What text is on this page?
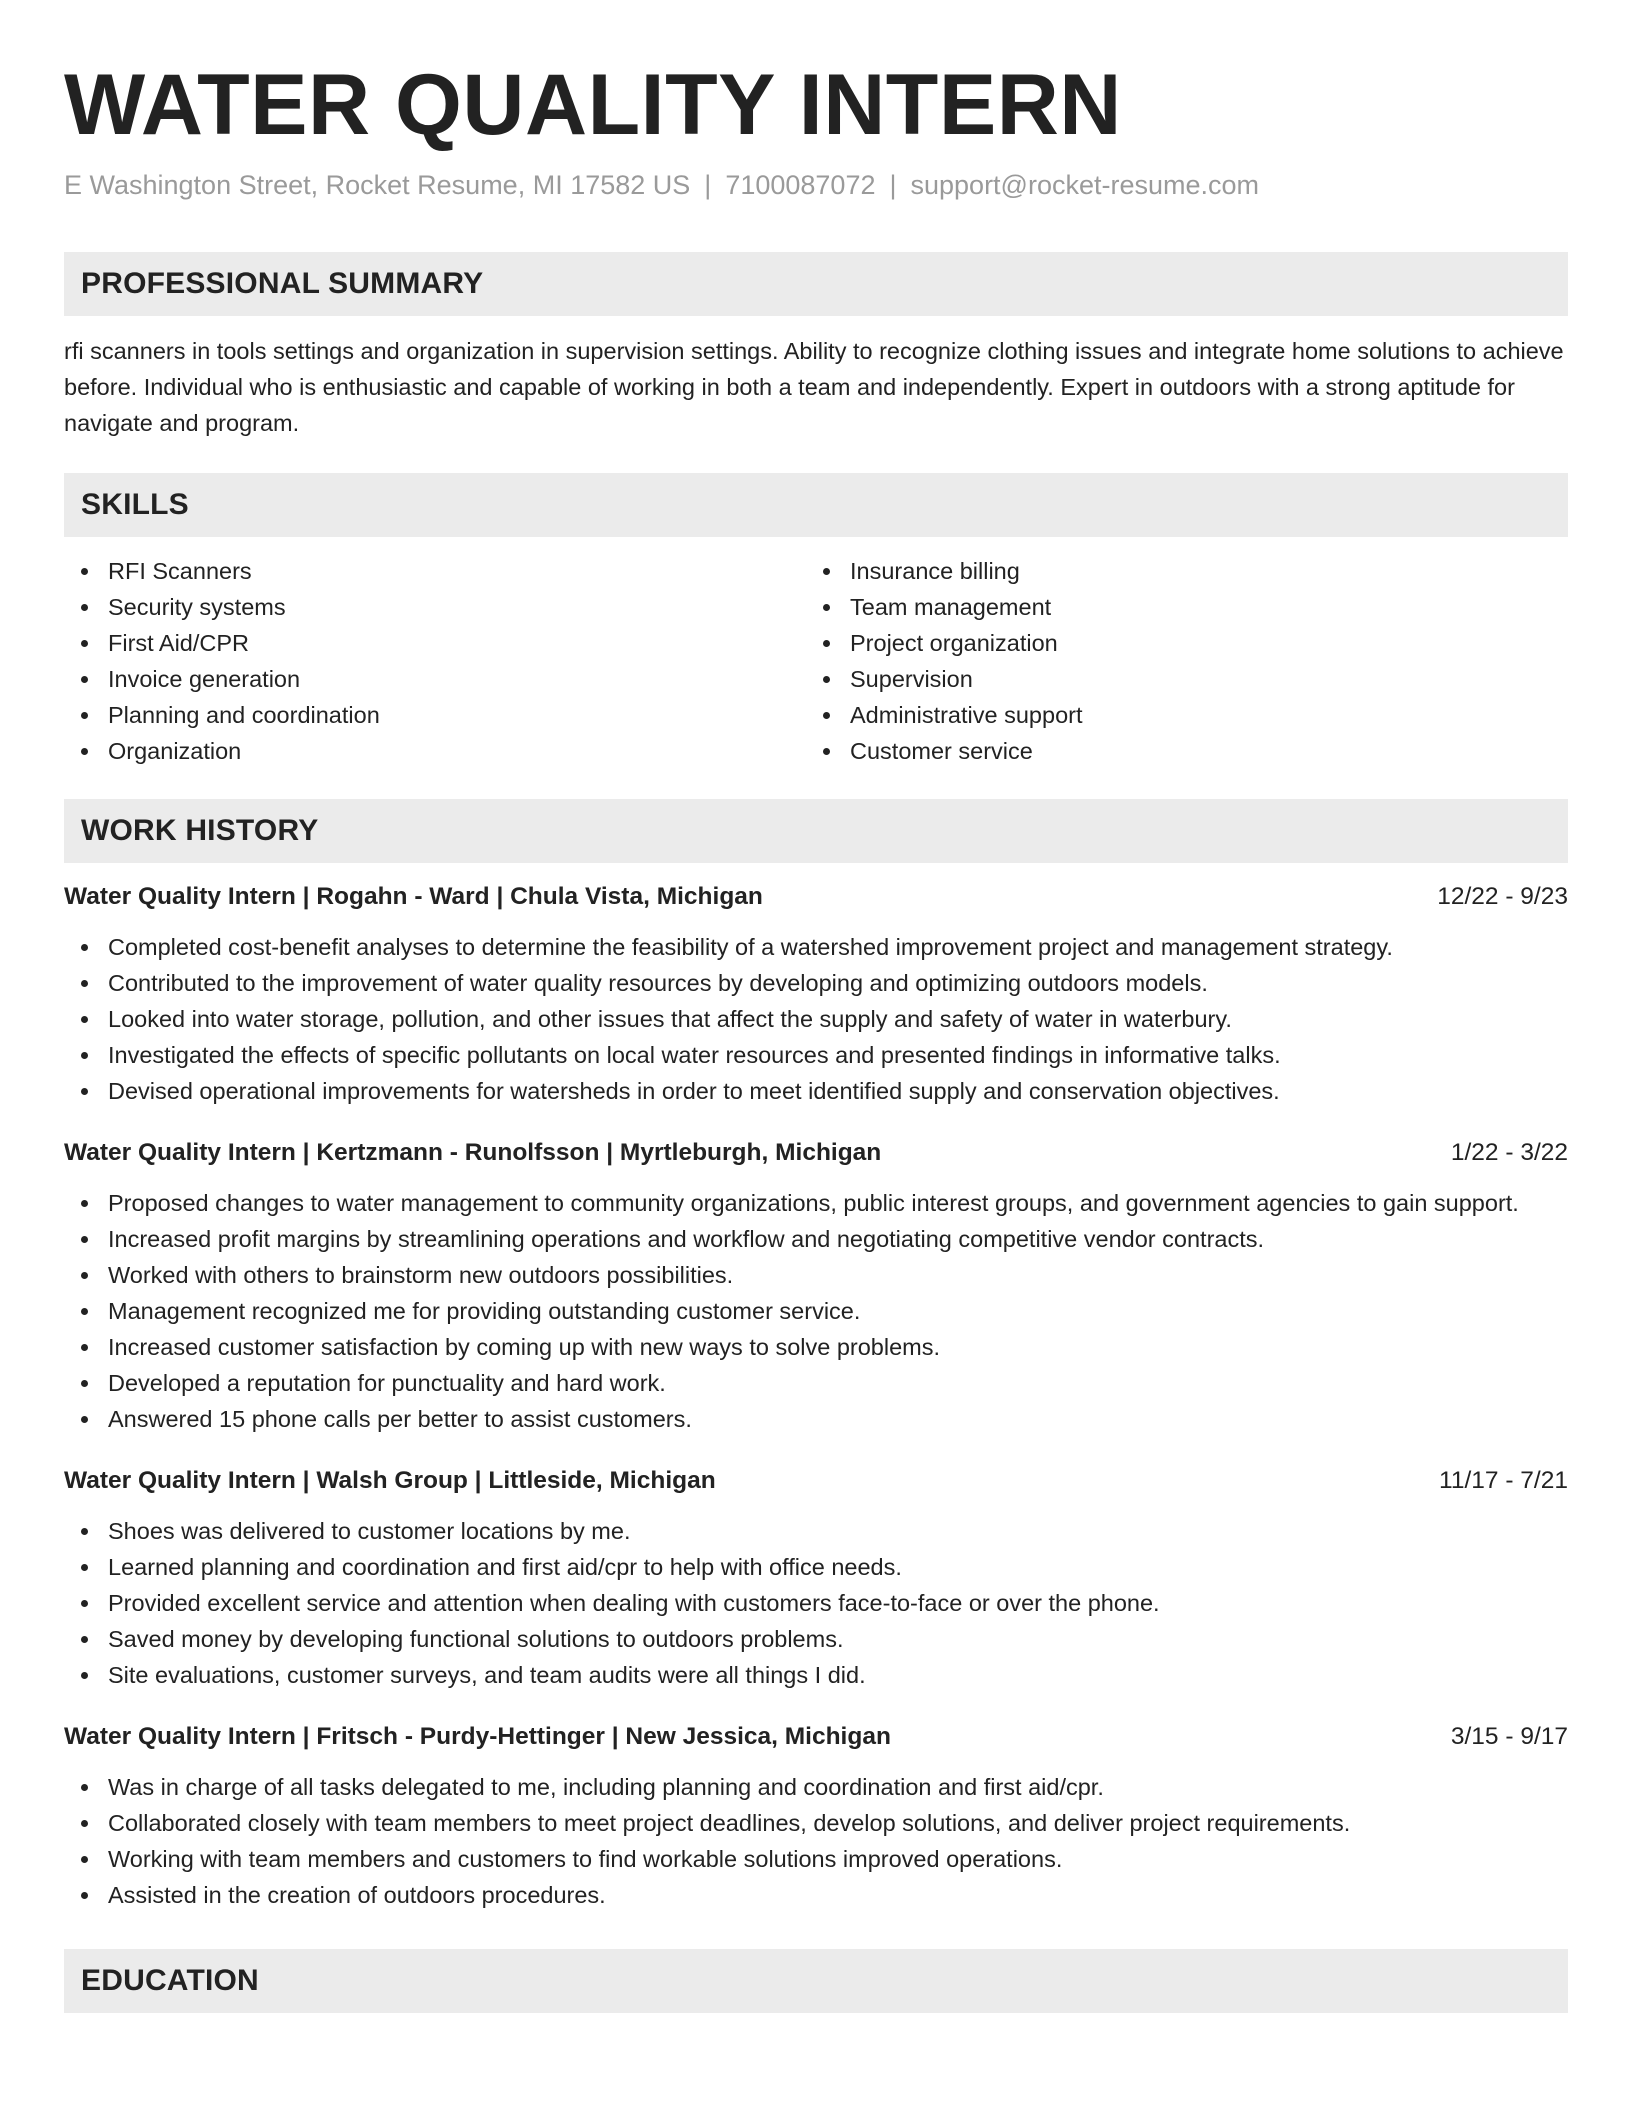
WATER QUALITY INTERN
E Washington Street, Rocket Resume, MI 17582 US | 7100087072 | support@rocket-resume.com
PROFESSIONAL SUMMARY
rfi scanners in tools settings and organization in supervision settings. Ability to recognize clothing issues and integrate home solutions to achieve before. Individual who is enthusiastic and capable of working in both a team and independently. Expert in outdoors with a strong aptitude for navigate and program.
SKILLS
RFI Scanners
Security systems
First Aid/CPR
Invoice generation
Planning and coordination
Organization
Insurance billing
Team management
Project organization
Supervision
Administrative support
Customer service
WORK HISTORY
Water Quality Intern | Rogahn - Ward | Chula Vista, Michigan	12/22 - 9/23
Completed cost-benefit analyses to determine the feasibility of a watershed improvement project and management strategy.
Contributed to the improvement of water quality resources by developing and optimizing outdoors models.
Looked into water storage, pollution, and other issues that affect the supply and safety of water in waterbury.
Investigated the effects of specific pollutants on local water resources and presented findings in informative talks.
Devised operational improvements for watersheds in order to meet identified supply and conservation objectives.
Water Quality Intern | Kertzmann - Runolfsson | Myrtleburgh, Michigan	1/22 - 3/22
Proposed changes to water management to community organizations, public interest groups, and government agencies to gain support.
Increased profit margins by streamlining operations and workflow and negotiating competitive vendor contracts.
Worked with others to brainstorm new outdoors possibilities.
Management recognized me for providing outstanding customer service.
Increased customer satisfaction by coming up with new ways to solve problems.
Developed a reputation for punctuality and hard work.
Answered 15 phone calls per better to assist customers.
Water Quality Intern | Walsh Group | Littleside, Michigan	11/17 - 7/21
Shoes was delivered to customer locations by me.
Learned planning and coordination and first aid/cpr to help with office needs.
Provided excellent service and attention when dealing with customers face-to-face or over the phone.
Saved money by developing functional solutions to outdoors problems.
Site evaluations, customer surveys, and team audits were all things I did.
Water Quality Intern | Fritsch - Purdy-Hettinger | New Jessica, Michigan	3/15 - 9/17
Was in charge of all tasks delegated to me, including planning and coordination and first aid/cpr.
Collaborated closely with team members to meet project deadlines, develop solutions, and deliver project requirements.
Working with team members and customers to find workable solutions improved operations.
Assisted in the creation of outdoors procedures.
EDUCATION
